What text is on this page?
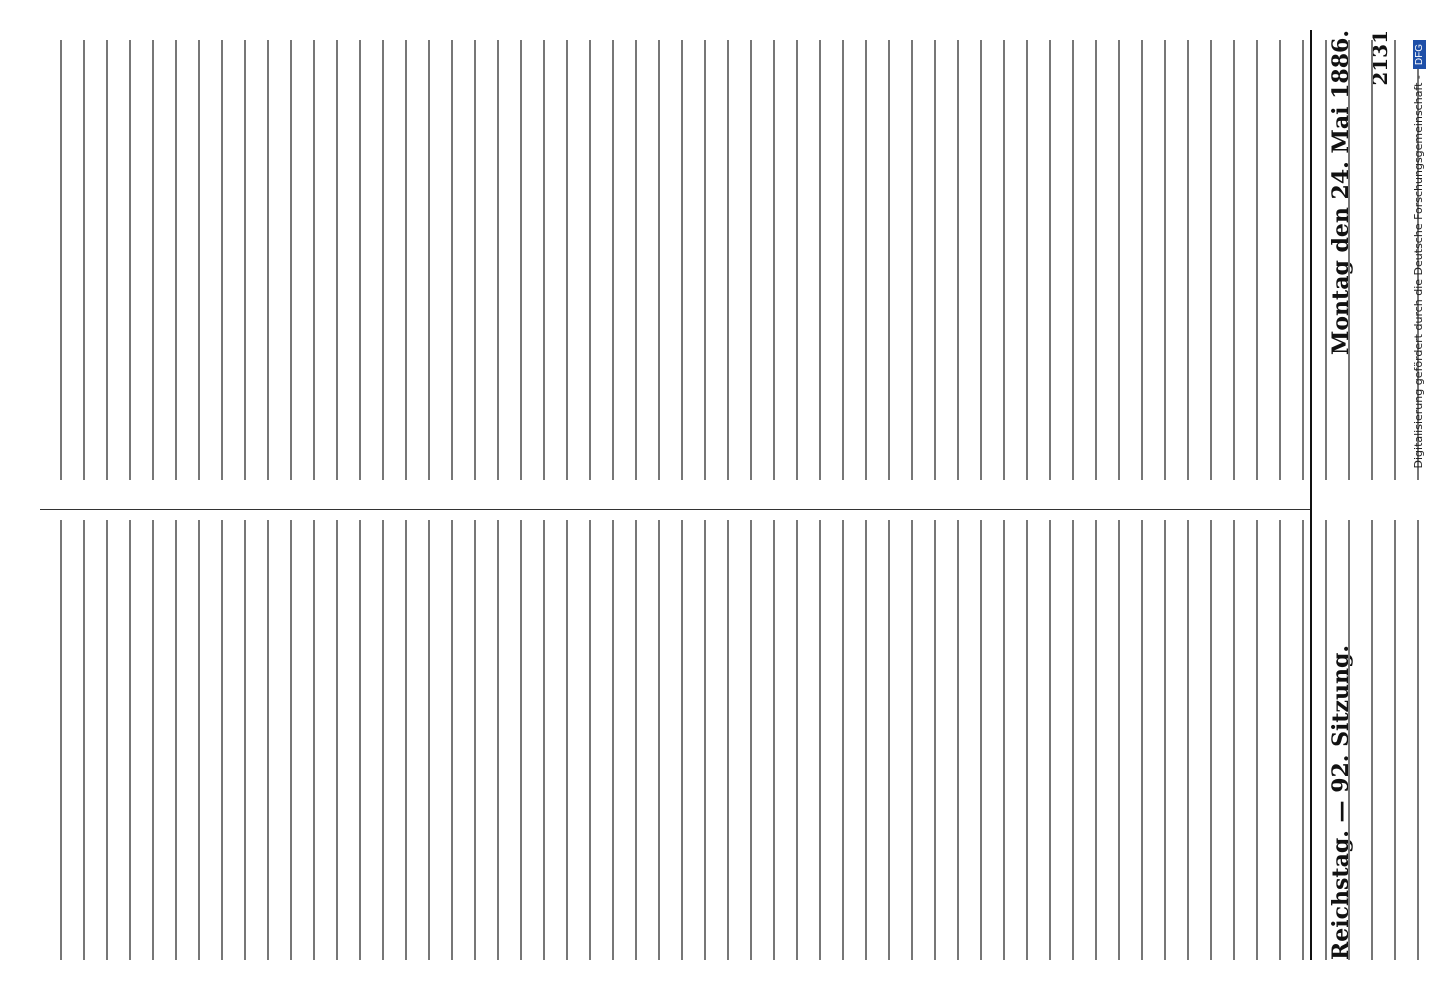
Reichstag. — 92. Sitzung.
Montag den 24. Mai 1886. 2131
Digitalisierung gefördert durch die Deutsche Forschungsgemeinschaft -DFG
